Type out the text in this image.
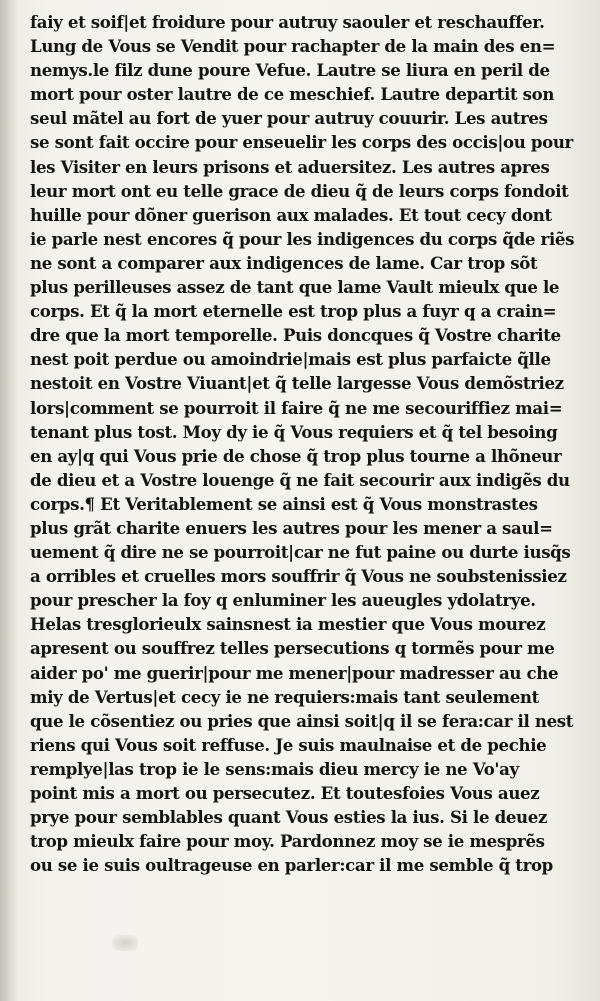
faiy et soif|et froidure pour autruy saouler et reschauffer.
Lung de Vous se Vendit pour rachapter de la main des en=
nemys.le filz dune poure Vefue. Lautre se liura en peril de
mort pour oster lautre de ce meschief. Lautre departit son
seul mãtel au fort de yuer pour autruy couurir. Les autres
se sont fait occire pour enseuelir les corps des occis|ou pour
les Visiter en leurs prisons et aduersitez. Les autres apres
leur mort ont eu telle grace de dieu q̃ de leurs corps fondoit
huille pour dõner guerison aux malades. Et tout cecy dont
ie parle nest encores q̃ pour les indigences du corps q̃de riẽs
ne sont a comparer aux indigences de lame. Car trop sõt
plus perilleuses assez de tant que lame Vault mieulx que le
corps. Et q̃ la mort eternelle est trop plus a fuyr q a crain=
dre que la mort temporelle. Puis doncques q̃ Vostre charite
nest poit perdue ou amoindrie|mais est plus parfaicte q̃lle
nestoit en Vostre Viuant|et q̃ telle largesse Vous demõstriez
lors|comment se pourroit il faire q̃ ne me secouriffiez mai=
tenant plus tost. Moy dy ie q̃ Vous requiers et q̃ tel besoing
en ay|q qui Vous prie de chose q̃ trop plus tourne a lhõneur
de dieu et a Vostre louenge q̃ ne fait secourir aux indigẽs du
corps.¶ Et Veritablement se ainsi est q̃ Vous monstrastes
plus grãt charite enuers les autres pour les mener a saul=
uement q̃ dire ne se pourroit|car ne fut paine ou durte iusq̃s
a orribles et cruelles mors souffrir q̃ Vous ne soubstenissiez
pour prescher la foy q enluminer les aueugles ydolatrye.
Helas tresglorieulx sainsnest ia mestier que Vous mourez
apresent ou souffrez telles persecutions q tormẽs pour me
aider po' me guerir|pour me mener|pour madresser au che
miy de Vertus|et cecy ie ne requiers:mais tant seulement
que le cõsentiez ou pries que ainsi soit|q il se fera:car il nest
riens qui Vous soit reffuse. Je suis maulnaise et de pechie
remplye|las trop ie le sens:mais dieu mercy ie ne Vo'ay
point mis a mort ou persecutez. Et toutesfoies Vous auez
prye pour semblables quant Vous esties la ius. Si le deuez
trop mieulx faire pour moy. Pardonnez moy se ie mesprẽs
ou se ie suis oultrageuse en parler:car il me semble q̃ trop
